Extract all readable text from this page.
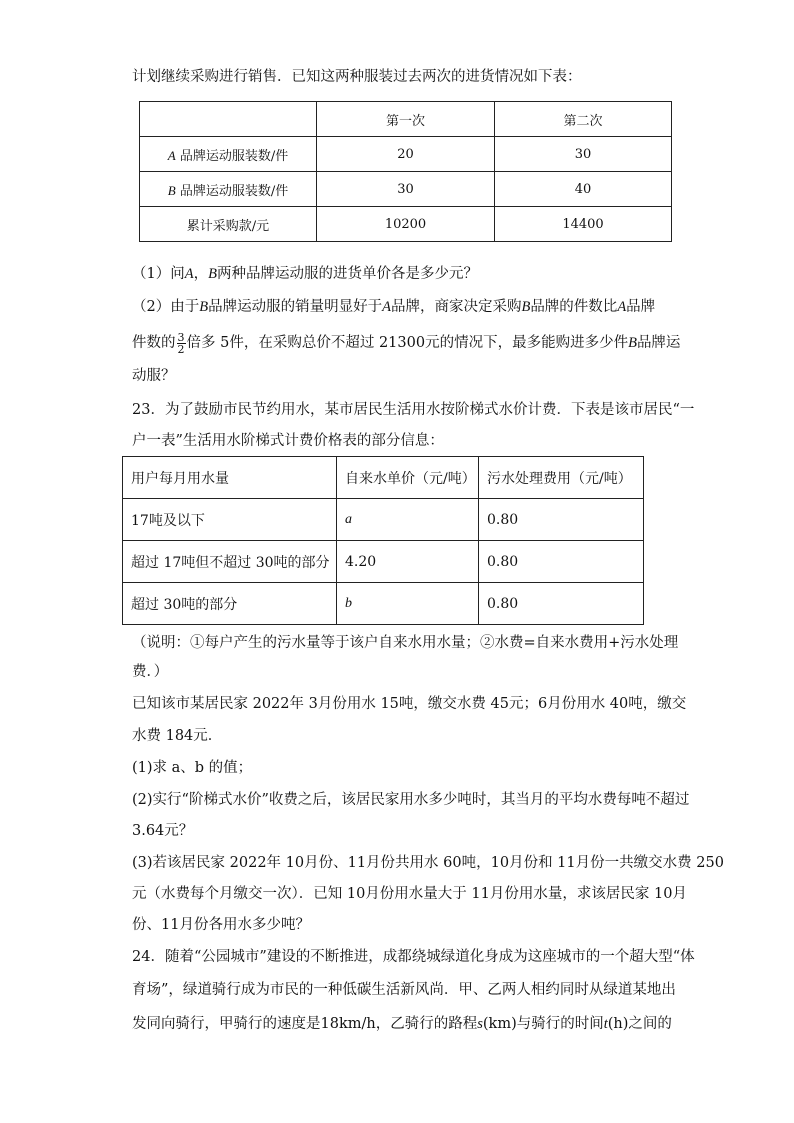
计划继续采购进行销售．已知这两种服装过去两次的进货情况如下表：
	第一次	第二次
A 品牌运动服装数/件	20	30
B 品牌运动服装数/件	30	40
累计采购款/元	10200	14400
（1）问A，B两种品牌运动服的进货单价各是多少元？
（2）由于B品牌运动服的销量明显好于A品牌，商家决定采购B品牌的件数比A品牌
件数的 $\frac{3}{2}$ 倍多 5件，在采购总价不超过 21300元的情况下，最多能购进多少件B品牌运
动服？
23．为了鼓励市民节约用水，某市居民生活用水按阶梯式水价计费．下表是该市居民“一
户一表”生活用水阶梯式计费价格表的部分信息：
用户每月用水量	自来水单价（元/吨）	污水处理费用（元/吨）
17吨及以下	a	0.80
超过 17吨但不超过 30吨的部分	4.20	0.80
超过 30吨的部分	b	0.80
（说明：①每户产生的污水量等于该户自来水用水量；②水费=自来水费用+污水处理
费．）
已知该市某居民家 2022年 3月份用水 15吨，缴交水费 45元；6月份用水 40吨，缴交
水费 184元．
(1)求 a、b 的值；
(2)实行“阶梯式水价”收费之后，该居民家用水多少吨时，其当月的平均水费每吨不超过
3.64元？
(3)若该居民家 2022年 10月份、11月份共用水 60吨，10月份和 11月份一共缴交水费 250
元（水费每个月缴交一次）．已知 10月份用水量大于 11月份用水量，求该居民家 10月
份、11月份各用水多少吨？
24．随着“公园城市”建设的不断推进，成都绕城绿道化身成为这座城市的一个超大型“体
育场”，绿道骑行成为市民的一种低碳生活新风尚．甲、乙两人相约同时从绿道某地出
发同向骑行，甲骑行的速度是18km/h，乙骑行的路程s(km)与骑行的时间t(h)之间的
